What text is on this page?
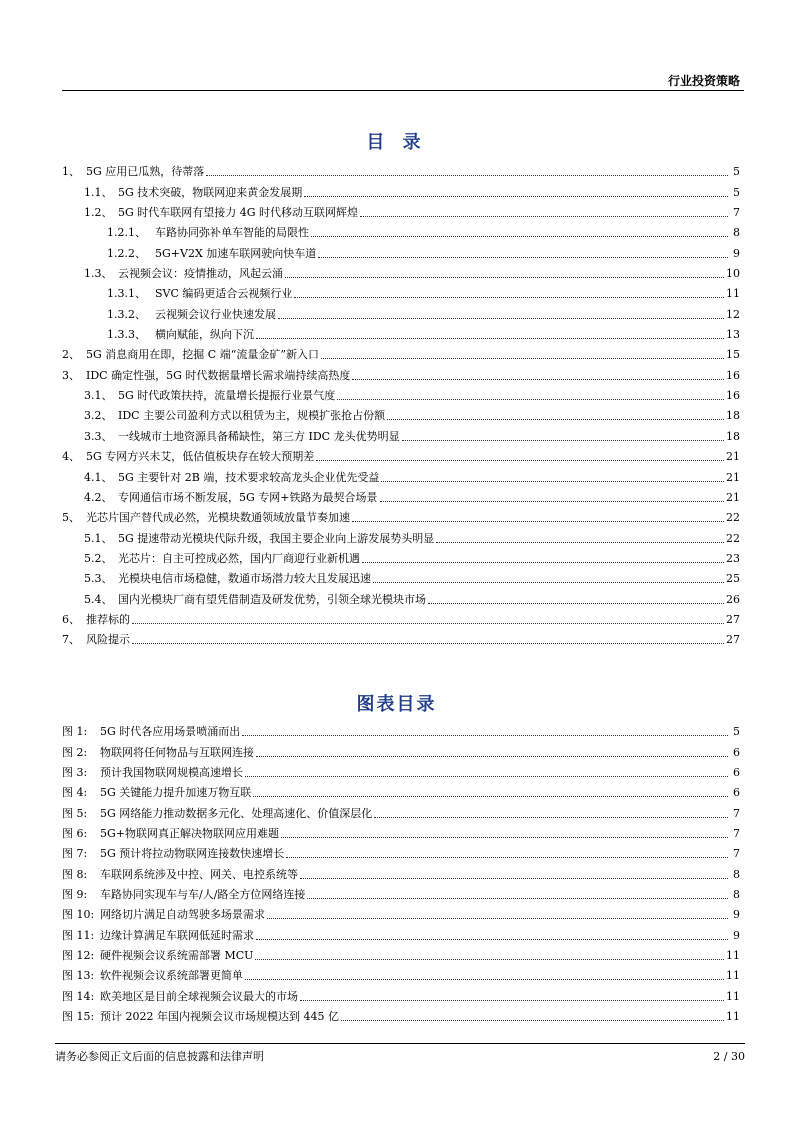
行业投资策略
目 录
1、 5G 应用已瓜熟，待蒂落	5
1.1、 5G 技术突破，物联网迎来黄金发展期	5
1.2、 5G 时代车联网有望接力 4G 时代移动互联网辉煌	7
1.2.1、 车路协同弥补单车智能的局限性	8
1.2.2、 5G+V2X 加速车联网驶向快车道	9
1.3、 云视频会议：疫情推动，风起云涌	10
1.3.1、 SVC 编码更适合云视频行业	11
1.3.2、 云视频会议行业快速发展	12
1.3.3、 横向赋能，纵向下沉	13
2、 5G 消息商用在即，挖掘 C 端“流量金矿”新入口	15
3、 IDC 确定性强，5G 时代数据量增长需求端持续高热度	16
3.1、 5G 时代政策扶持，流量增长提振行业景气度	16
3.2、 IDC 主要公司盈利方式以租赁为主，规模扩张抢占份额	18
3.3、 一线城市土地资源具备稀缺性，第三方 IDC 龙头优势明显	18
4、 5G 专网方兴未艾，低估值板块存在较大预期差	21
4.1、 5G 主要针对 2B 端，技术要求较高龙头企业优先受益	21
4.2、 专网通信市场不断发展，5G 专网+铁路为最契合场景	21
5、 光芯片国产替代成必然，光模块数通领域放量节奏加速	22
5.1、 5G 提速带动光模块代际升级，我国主要企业向上游发展势头明显	22
5.2、 光芯片：自主可控成必然，国内厂商迎行业新机遇	23
5.3、 光模块电信市场稳健，数通市场潜力较大且发展迅速	25
5.4、 国内光模块厂商有望凭借制造及研发优势，引领全球光模块市场	26
6、 推荐标的	27
7、 风险提示	27
图表目录
图 1:	5G 时代各应用场景喷涌而出	5
图 2:	物联网将任何物品与互联网连接	6
图 3:	预计我国物联网规模高速增长	6
图 4:	5G 关键能力提升加速万物互联	6
图 5:	5G 网络能力推动数据多元化、处理高速化、价值深层化	7
图 6:	5G+物联网真正解决物联网应用难题	7
图 7:	5G 预计将拉动物联网连接数快速增长	7
图 8:	车联网系统涉及中控、网关、电控系统等	8
图 9:	车路协同实现车与车/人/路全方位网络连接	8
图 10: 网络切片满足自动驾驶多场景需求	9
图 11: 边缘计算满足车联网低延时需求	9
图 12: 硬件视频会议系统需部署 MCU	11
图 13: 软件视频会议系统部署更简单	11
图 14: 欧美地区是目前全球视频会议最大的市场	11
图 15: 预计 2022 年国内视频会议市场规模达到 445 亿	11
请务必参阅正文后面的信息披露和法律声明	2 / 30
